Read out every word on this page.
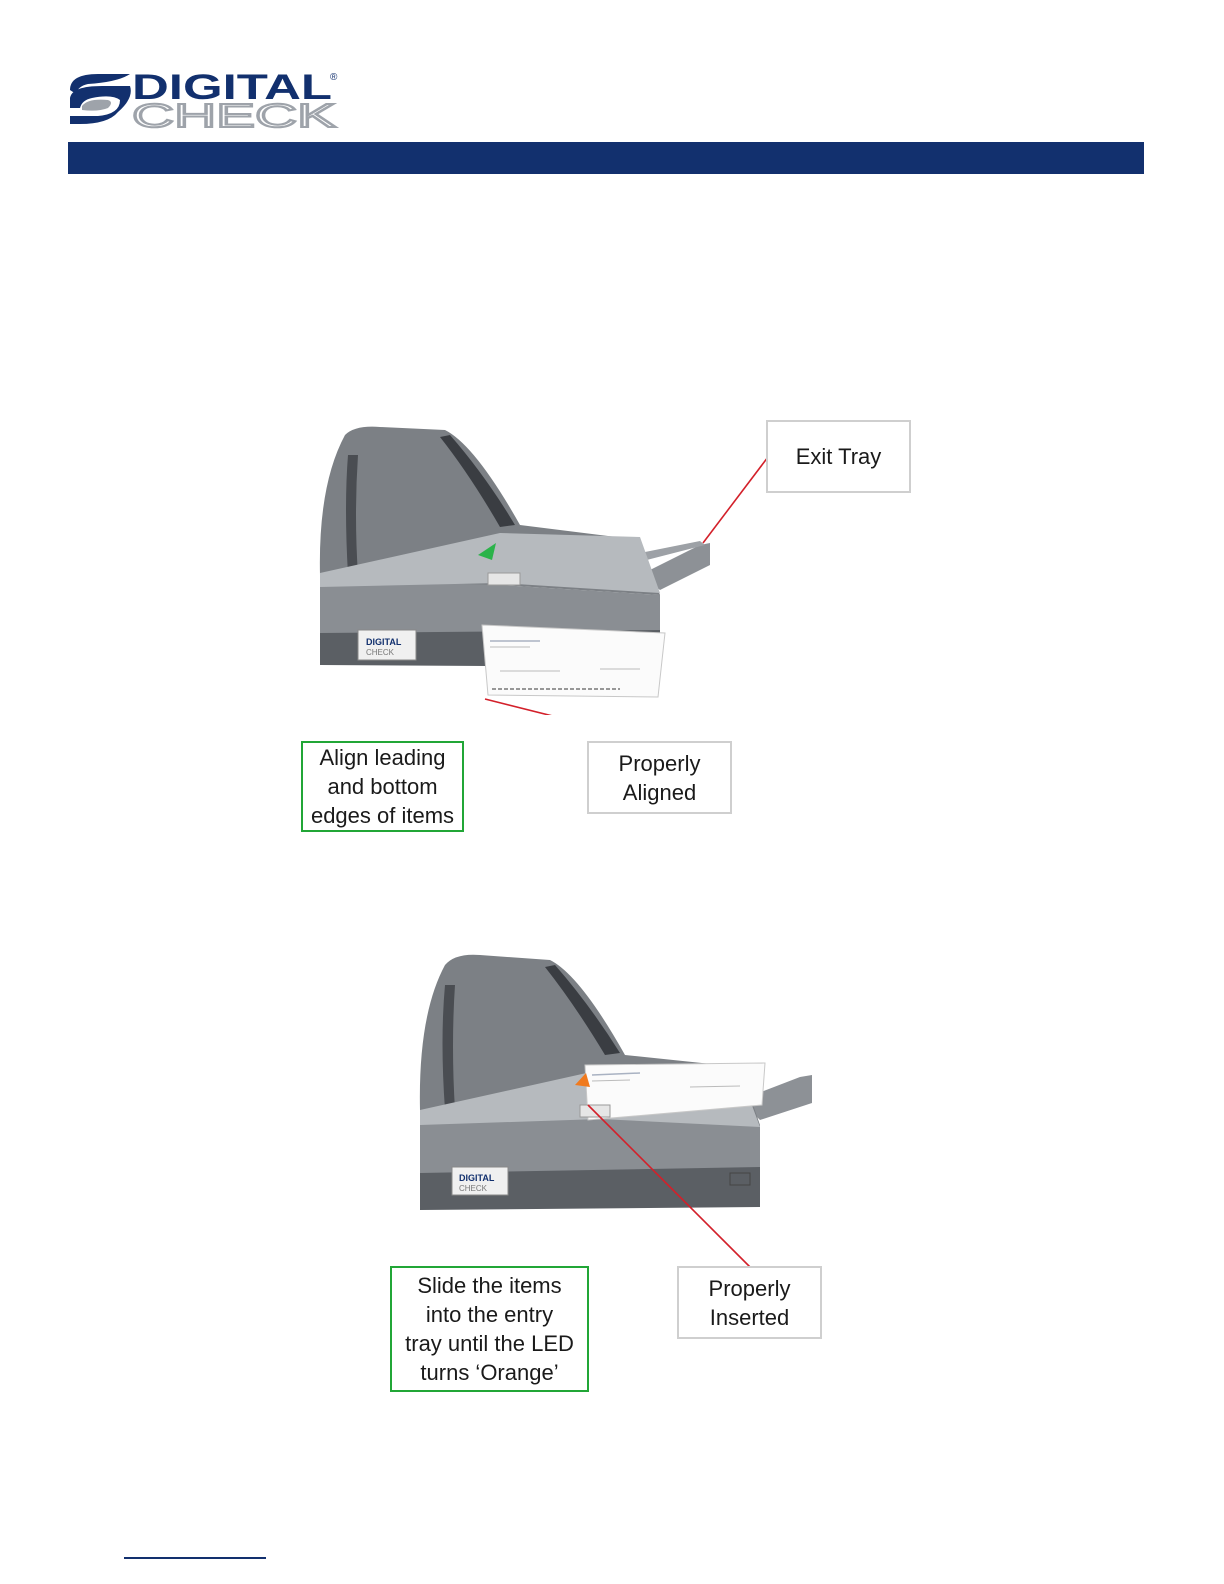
DIGITAL
®
CHECK
DIGITAL
CHECK
Exit Tray
Align leading
and bottom
edges of items
Properly
Aligned
DIGITAL
CHECK
Slide the items
into the entry
tray until the LED
turns ‘Orange’
Properly
Inserted
